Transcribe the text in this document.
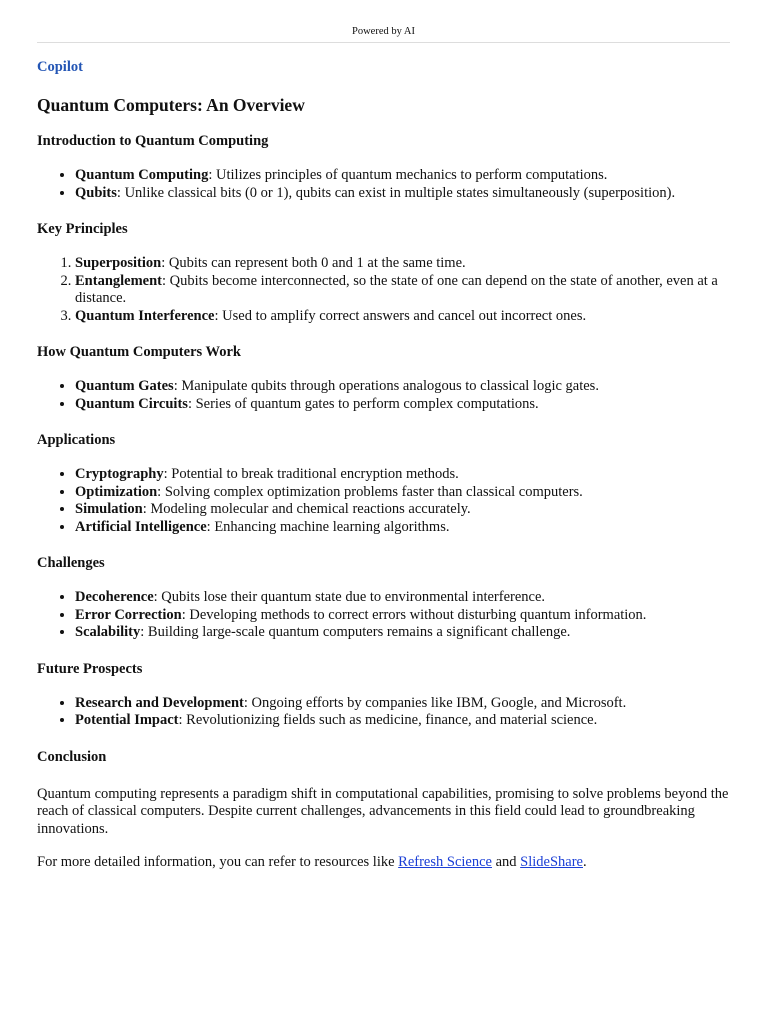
Powered by AI
Copilot
Quantum Computers: An Overview
Introduction to Quantum Computing
• Quantum Computing: Utilizes principles of quantum mechanics to perform computations.
• Qubits: Unlike classical bits (0 or 1), qubits can exist in multiple states simultaneously (superposition).
Key Principles
1. Superposition: Qubits can represent both 0 and 1 at the same time.
2. Entanglement: Qubits become interconnected, so the state of one can depend on the state of another, even at a distance.
3. Quantum Interference: Used to amplify correct answers and cancel out incorrect ones.
How Quantum Computers Work
• Quantum Gates: Manipulate qubits through operations analogous to classical logic gates.
• Quantum Circuits: Series of quantum gates to perform complex computations.
Applications
• Cryptography: Potential to break traditional encryption methods.
• Optimization: Solving complex optimization problems faster than classical computers.
• Simulation: Modeling molecular and chemical reactions accurately.
• Artificial Intelligence: Enhancing machine learning algorithms.
Challenges
• Decoherence: Qubits lose their quantum state due to environmental interference.
• Error Correction: Developing methods to correct errors without disturbing quantum information.
• Scalability: Building large-scale quantum computers remains a significant challenge.
Future Prospects
• Research and Development: Ongoing efforts by companies like IBM, Google, and Microsoft.
• Potential Impact: Revolutionizing fields such as medicine, finance, and material science.
Conclusion

Quantum computing represents a paradigm shift in computational capabilities, promising to solve problems beyond the reach of classical computers. Despite current challenges, advancements in this field could lead to groundbreaking innovations.

For more detailed information, you can refer to resources like Refresh Science and SlideShare.
